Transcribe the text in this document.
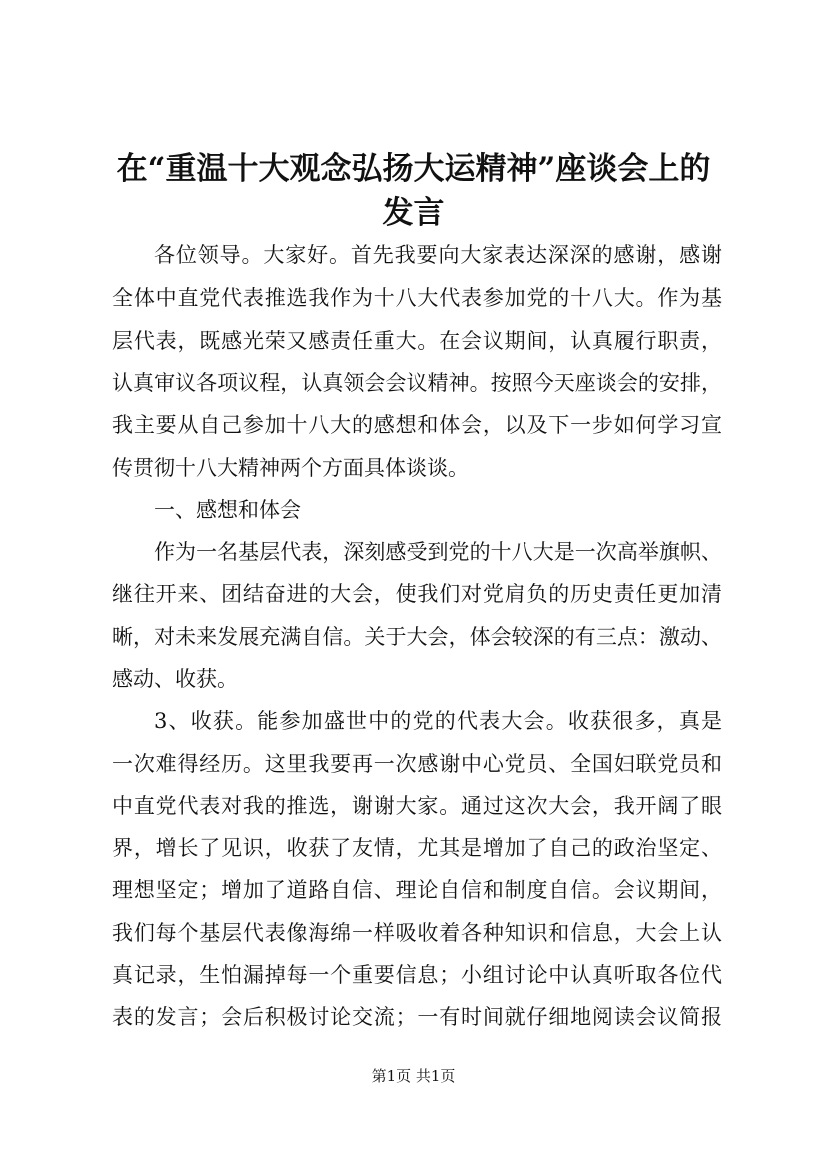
在“重温十大观念弘扬大运精神”座谈会上的
发言
各位领导。大家好。首先我要向大家表达深深的感谢，感谢
全体中直党代表推选我作为十八大代表参加党的十八大。作为基
层代表，既感光荣又感责任重大。在会议期间，认真履行职责，
认真审议各项议程，认真领会会议精神。按照今天座谈会的安排，
我主要从自己参加十八大的感想和体会，以及下一步如何学习宣
传贯彻十八大精神两个方面具体谈谈。
一、感想和体会
作为一名基层代表，深刻感受到党的十八大是一次高举旗帜、
继往开来、团结奋进的大会，使我们对党肩负的历史责任更加清
晰，对未来发展充满自信。关于大会，体会较深的有三点：激动、
感动、收获。
3、收获。能参加盛世中的党的代表大会。收获很多，真是
一次难得经历。这里我要再一次感谢中心党员、全国妇联党员和
中直党代表对我的推选，谢谢大家。通过这次大会，我开阔了眼
界，增长了见识，收获了友情，尤其是增加了自己的政治坚定、
理想坚定；增加了道路自信、理论自信和制度自信。会议期间，
我们每个基层代表像海绵一样吸收着各种知识和信息，大会上认
真记录，生怕漏掉每一个重要信息；小组讨论中认真听取各位代
表的发言；会后积极讨论交流；一有时间就仔细地阅读会议简报
第1页 共1页
